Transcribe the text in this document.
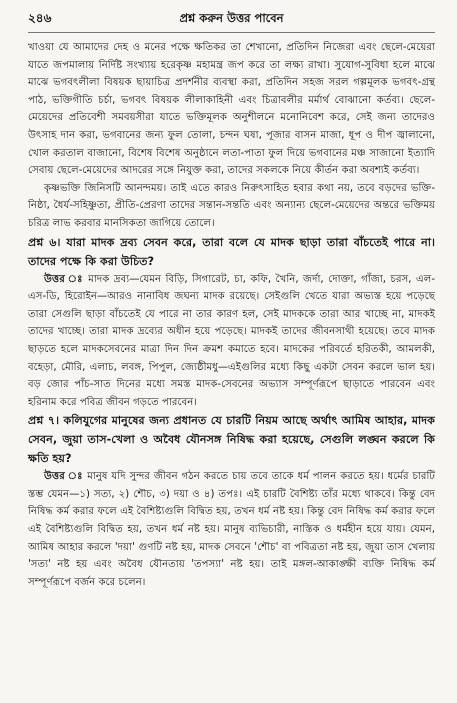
২৪৬	প্রশ্ন করুন উত্তর পাবেন

খাওয়া যে আমাদের দেহ ও মনের পক্ষে ক্ষতিকর তা শেখানো, প্রতিদিন নিজেরা এবং ছেলে-মেয়েরা যাতে জপমালায় নির্দিষ্ট সংখ্যায় হরেকৃষ্ণ মহামন্ত্র জপ করে তা লক্ষ্য রাখা। সুযোগ-সুবিধা হলে মাঝে মাঝে ভগবৎলীলা বিষয়ক ছায়াচিত্র প্রদর্শনীর ব্যবস্থা করা, প্রতিদিন সহজ সরল গল্পমূলক ভগবৎ-গ্রন্থ পাঠ, ভক্তিগীতি চর্চা, ভগবৎ বিষয়ক লীলাকাহিনী এবং চিত্রাবলীর মর্মার্থ বোঝানো কর্তব্য। ছেলে-মেয়েদের প্রতিবেশী সমবয়সীরা যাতে ভক্তিমূলক অনুশীলনে মনোনিবেশ করে, সেই জন্য তাদেরও উৎসাহ দান করা, ভগবানের জন্য ফুল তোলা, চন্দন ঘষা, পূজার বাসন মাজা, ধূপ ও দীপ জ্বালানো, খোল করতাল বাজানো, বিশেষ বিশেষ অনুষ্ঠানে লতা-পাতা ফুল দিয়ে ভগবানের মঞ্চ সাজানো ইত্যাদি সেবায় ছেলে-মেয়েদের আদরের সঙ্গে নিযুক্ত করা, তাদের সকলকে নিয়ে কীর্তন করা অবশ্যই কর্তব্য।

কৃষ্ণভক্তি জিনিসটি আনন্দময়। তাই এতে কারও নিরুৎসাহিত হবার কথা নয়, তবে বড়দের ভক্তি-নিষ্ঠা, ধৈর্য-সহিষ্ণুতা, প্রীতি-প্রেরণা তাদের সন্তান-সন্ততি এবং অন্যান্য ছেলে-মেয়েদের অন্তরে ভক্তিময় চরিত্র লাভ করবার মানসিকতা জাগিয়ে তোলে।

প্রশ্ন ৬। যারা মাদক দ্রব্য সেবন করে, তারা বলে যে মাদক ছাড়া তারা বাঁচতেই পারে না। তাদের পক্ষে কি করা উচিত?

উত্তর ঃ মাদক দ্রব্য—যেমন বিড়ি, সিগারেট, চা, কফি, খৈনি, জর্দা, দোক্তা, গাঁজা, চরস, এল-এস-ডি, হিরোইন—আরও নানাবিধ জঘন্য মাদক রয়েছে। সেইগুলি খেতে যারা অভ্যস্ত হয়ে পড়েছে তারা সেগুলি ছাড়া বাঁচতেই যে পারে না তার কারণ হল, সেই মাদককে তারা আর খাচ্ছে না, মাদকই তাদের খাচ্ছে। তারা মাদক দ্রব্যের অধীন হয়ে পড়েছে। মাদকই তাদের জীবনসাথী হয়েছে। তবে মাদক ছাড়তে হলে মাদকসেবনের মাত্রা দিন দিন ক্রমশ কমাতে হবে। মাদকের পরিবর্তে হরিতকী, আমলকী, বহেড়া, মৌরি, এলাচ, লবঙ্গ, পিপুল, জ্যেষ্ঠীমধু—এইগুলির মধ্যে কিছু একটা সেবন করলে ভাল হয়। বড় জোর পাঁচ-সাত দিনের মধ্যে সমস্ত মাদক-সেবনের অভ্যাস সম্পূর্ণরূপে ছাড়াতে পারবেন এবং হরিনাম করে পবিত্র জীবন গড়তে পারবেন।

প্রশ্ন ৭। কলিযুগের মানুষের জন্য প্রধানত যে চারটি নিয়ম আছে অর্থাৎ আমিষ আহার, মাদক সেবন, জুয়া তাস-খেলা ও অবৈধ যৌনসঙ্গ নিষিদ্ধ করা হয়েছে, সেগুলি লঙ্ঘন করলে কি ক্ষতি হয়?

উত্তর ঃ মানুষ যদি সুন্দর জীবন গঠন করতে চায় তবে তাকে ধর্ম পালন করতে হয়। ধর্মের চারটি স্তম্ভ যেমন—১) সত্য, ২) শৌচ, ৩) দয়া ও ৪) তপঃ। এই চারটি বৈশিষ্ট্য তাঁর মধ্যে থাকবে। কিন্তু বেদ নিষিদ্ধ কর্ম করার ফলে এই বৈশিষ্ট্যগুলি বিদ্বিত হয়, তখন ধর্ম নষ্ট হয়। কিন্তু বেদ নিষিদ্ধ কর্ম করার ফলে এই বৈশিষ্ট্যগুলি বিদ্বিত হয়, তখন ধর্ম নষ্ট হয়। মানুষ ব্যভিচারী, নাস্তিক ও ধর্মহীন হয়ে যায়। যেমন, আমিষ আহার করলে 'দয়া' গুণটি নষ্ট হয়, মাদক সেবনে 'শৌচ' বা পবিত্রতা নষ্ট হয়, জুয়া তাস খেলায় 'সত্য' নষ্ট হয় এবং অবৈধ যৌনতায় 'তপস্যা' নষ্ট হয়। তাই মঙ্গল-আকাঙ্ক্ষী ব্যক্তি নিষিদ্ধ কর্ম সম্পূর্ণরূপে বর্জন করে চলেন।
